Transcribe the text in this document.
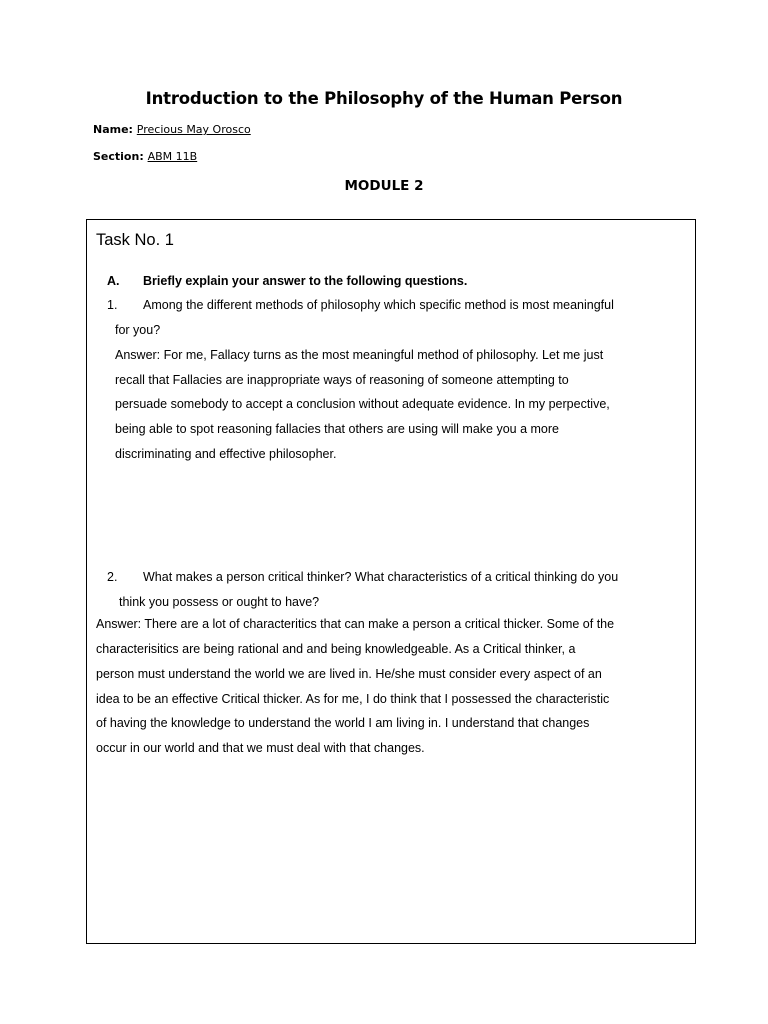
Introduction to the Philosophy of the Human Person
Name: Precious May Orosco
Section: ABM 11B
MODULE 2
Task No. 1
A. Briefly explain your answer to the following questions.
1. Among the different methods of philosophy which specific method is most meaningful
for you?
Answer: For me, Fallacy turns as the most meaningful method of philosophy. Let me just
recall that Fallacies are inappropriate ways of reasoning of someone attempting to
persuade somebody to accept a conclusion without adequate evidence. In my perpective,
being able to spot reasoning fallacies that others are using will make you a more
discriminating and effective philosopher.
2. What makes a person critical thinker? What characteristics of a critical thinking do you
think you possess or ought to have?
Answer: There are a lot of characteritics that can make a person a critical thicker. Some of the
characterisitics are being rational and and being knowledgeable. As a Critical thinker, a
person must understand the world we are lived in. He/she must consider every aspect of an
idea to be an effective Critical thicker. As for me, I do think that I possessed the characteristic
of having the knowledge to understand the world I am living in. I understand that changes
occur in our world and that we must deal with that changes.
